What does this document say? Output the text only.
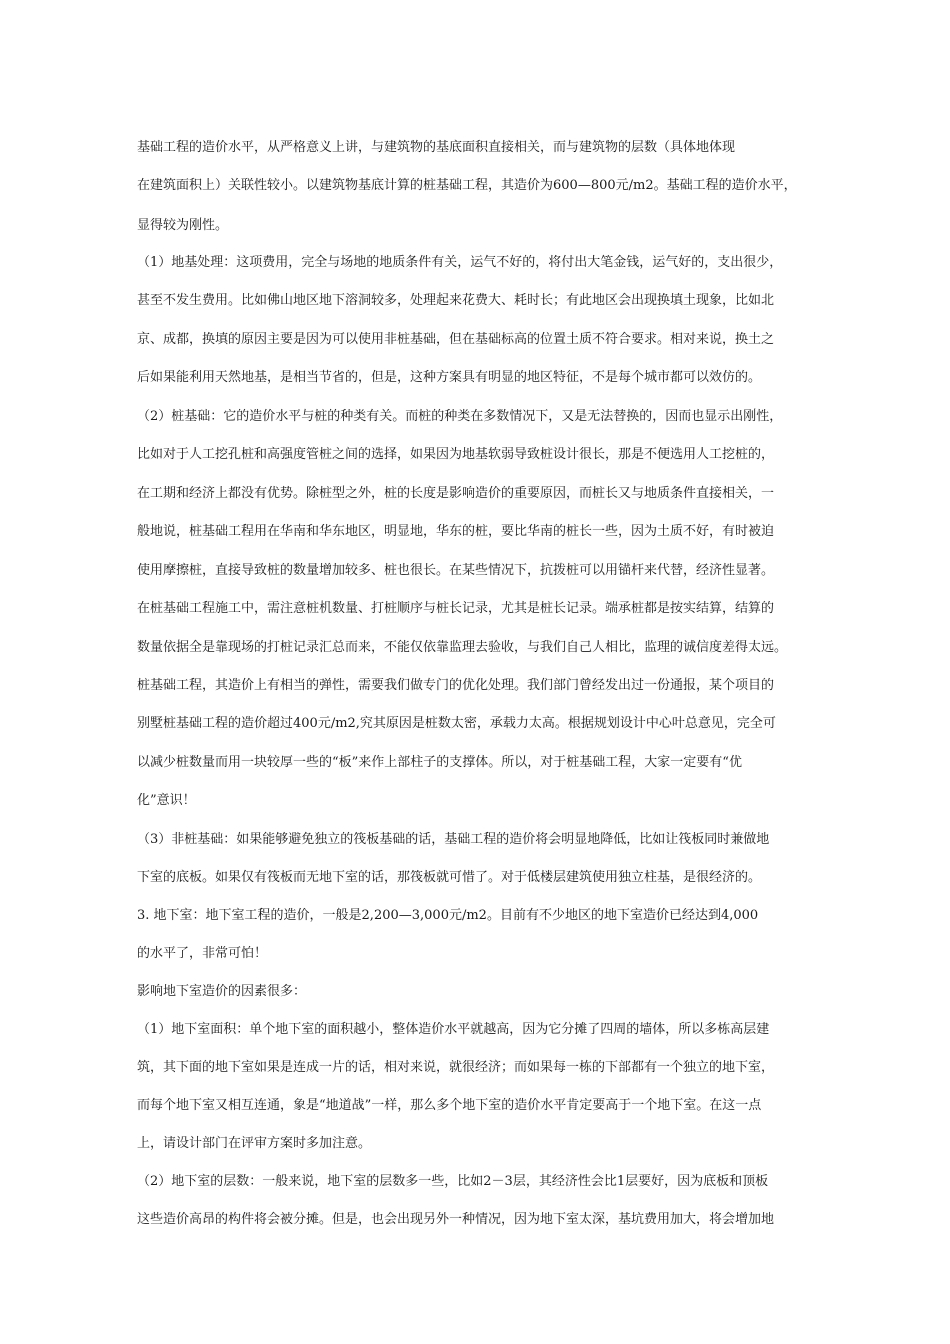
基础工程的造价水平，从严格意义上讲，与建筑物的基底面积直接相关，而与建筑物的层数（具体地体现
在建筑面积上）关联性较小。以建筑物基底计算的桩基础工程，其造价为600—800元/m2。基础工程的造价水平，
显得较为刚性。
（1）地基处理：这项费用，完全与场地的地质条件有关，运气不好的，将付出大笔金钱，运气好的，支出很少，
甚至不发生费用。比如佛山地区地下溶洞较多，处理起来花费大、耗时长；有此地区会出现换填土现象，比如北
京、成都，换填的原因主要是因为可以使用非桩基础，但在基础标高的位置土质不符合要求。相对来说，换土之
后如果能利用天然地基，是相当节省的，但是，这种方案具有明显的地区特征，不是每个城市都可以效仿的。
（2）桩基础：它的造价水平与桩的种类有关。而桩的种类在多数情况下，又是无法替换的，因而也显示出刚性，
比如对于人工挖孔桩和高强度管桩之间的选择，如果因为地基软弱导致桩设计很长，那是不便选用人工挖桩的，
在工期和经济上都没有优势。除桩型之外，桩的长度是影响造价的重要原因，而桩长又与地质条件直接相关，一
般地说，桩基础工程用在华南和华东地区，明显地，华东的桩，要比华南的桩长一些，因为土质不好，有时被迫
使用摩擦桩，直接导致桩的数量增加较多、桩也很长。在某些情况下，抗拨桩可以用锚杆来代替，经济性显著。
在桩基础工程施工中，需注意桩机数量、打桩顺序与桩长记录，尤其是桩长记录。端承桩都是按实结算，结算的
数量依据全是靠现场的打桩记录汇总而来，不能仅依靠监理去验收，与我们自己人相比，监理的诚信度差得太远。
桩基础工程，其造价上有相当的弹性，需要我们做专门的优化处理。我们部门曾经发出过一份通报，某个项目的
别墅桩基础工程的造价超过400元/m2,究其原因是桩数太密，承载力太高。根据规划设计中心叶总意见，完全可
以减少桩数量而用一块较厚一些的“板”来作上部柱子的支撑体。所以，对于桩基础工程，大家一定要有“优
化”意识！
（3）非桩基础：如果能够避免独立的筏板基础的话，基础工程的造价将会明显地降低，比如让筏板同时兼做地
下室的底板。如果仅有筏板而无地下室的话，那筏板就可惜了。对于低楼层建筑使用独立柱基，是很经济的。
3. 地下室：地下室工程的造价，一般是2,200—3,000元/m2。目前有不少地区的地下室造价已经达到4,000
的水平了，非常可怕！
影响地下室造价的因素很多：
（1）地下室面积：单个地下室的面积越小，整体造价水平就越高，因为它分摊了四周的墙体，所以多栋高层建
筑，其下面的地下室如果是连成一片的话，相对来说，就很经济；而如果每一栋的下部都有一个独立的地下室，
而每个地下室又相互连通，象是“地道战”一样，那么多个地下室的造价水平肯定要高于一个地下室。在这一点
上，请设计部门在评审方案时多加注意。
（2）地下室的层数：一般来说，地下室的层数多一些，比如2－3层，其经济性会比1层要好，因为底板和顶板
这些造价高昂的构件将会被分摊。但是，也会出现另外一种情况，因为地下室太深，基坑费用加大，将会增加地
